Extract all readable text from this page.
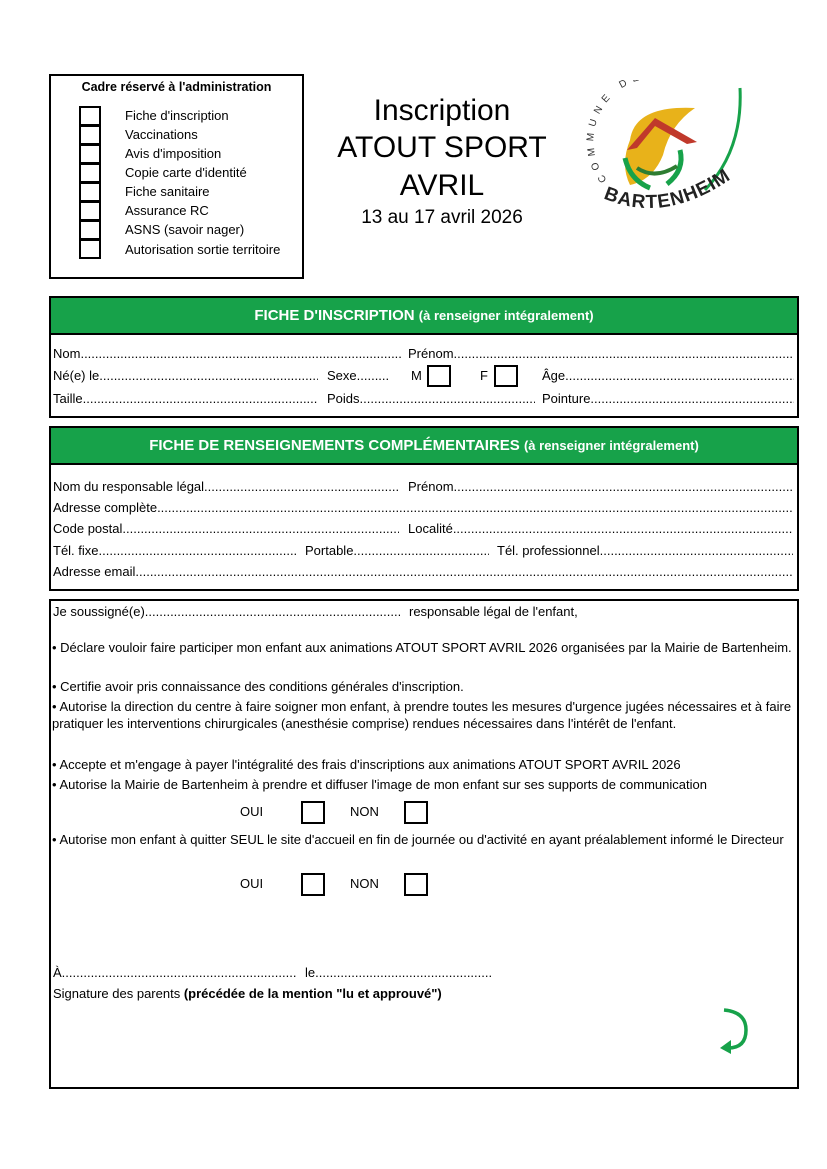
Cadre réservé à l'administration
Fiche d'inscription
Vaccinations
Avis d'imposition
Copie carte d'identité
Fiche sanitaire
Assurance RC
ASNS (savoir nager)
Autorisation sortie territoire
Inscription
ATOUT SPORT
AVRIL
13 au 17 avril 2026
COMMUNE D
BARTENHEIM
FICHE D'INSCRIPTION (à renseigner intégralement)
Nom .....	Prénom
.....
Né(e) le .....	Sexe......... M	F	Âge
.....
Taille .....	Poids .....	Pointure
.....
FICHE DE RENSEIGNEMENTS COMPLÉMENTAIRES (à renseigner intégralement)
Nom du responsable légal .....	Prénom
.....
Adresse complète
.....
Code postal .....	Localité
.....
Tél. fixe .....	Portable .....	Tél. professionnel
.....
Adresse email
.....
Je soussigné(e) .....	responsable légal de l'enfant,
• Déclare vouloir faire participer mon enfant aux animations ATOUT SPORT AVRIL 2026 organisées par la Mairie de Bartenheim.
• Certifie avoir pris connaissance des conditions générales d'inscription.
• Autorise la direction du centre à faire soigner mon enfant, à prendre toutes les mesures d'urgence jugées nécessaires et à faire pratiquer les interventions chirurgicales (anesthésie comprise) rendues nécessaires dans l'intérêt de l'enfant.
• Accepte et m'engage à payer l'intégralité des frais d'inscriptions aux animations ATOUT SPORT AVRIL 2026
• Autorise la Mairie de Bartenheim à prendre et diffuser l'image de mon enfant sur ses supports de communication
OUI	NON
• Autorise mon enfant à quitter SEUL le site d'accueil en fin de journée ou d'activité en ayant préalablement informé le Directeur
OUI	NON
À .....	le
.....
Signature des parents (précédée de la mention "lu et approuvé")
